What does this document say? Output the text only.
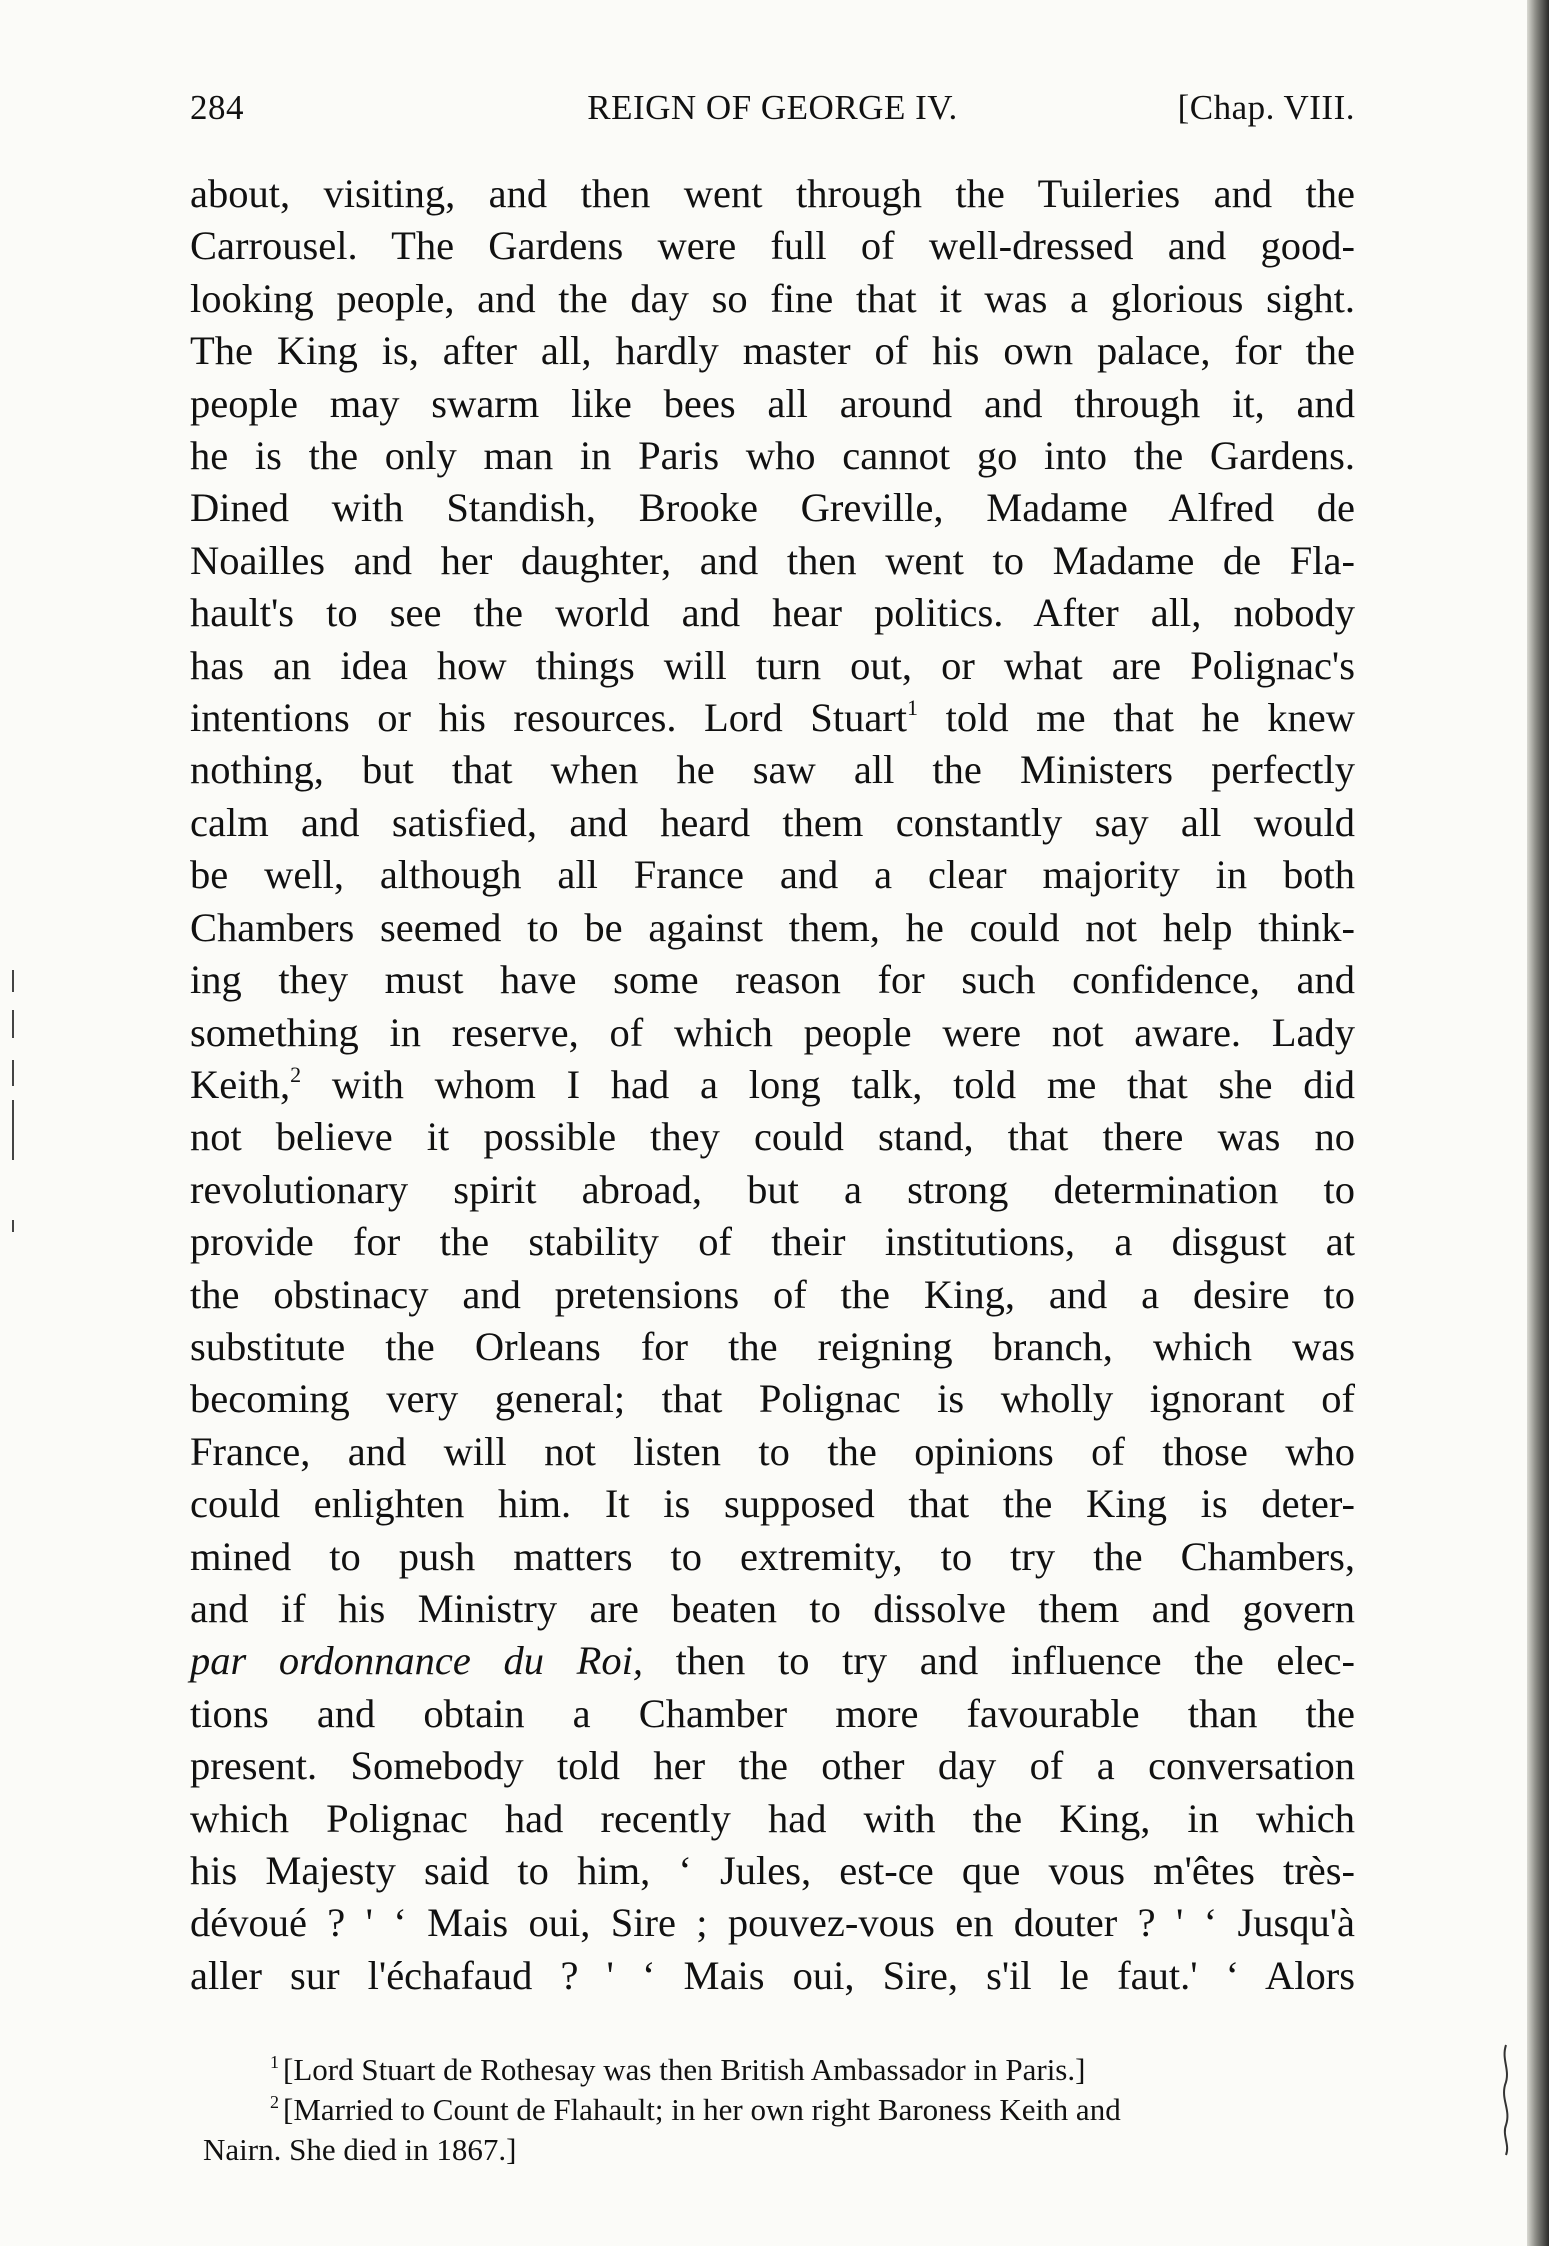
284	REIGN OF GEORGE IV.	[Chap. VIII.
about, visiting, and then went through the Tuileries and the
Carrousel. The Gardens were full of well-dressed and good-
looking people, and the day so fine that it was a glorious sight.
The King is, after all, hardly master of his own palace, for the
people may swarm like bees all around and through it, and
he is the only man in Paris who cannot go into the Gardens.
Dined with Standish, Brooke Greville, Madame Alfred de
Noailles and her daughter, and then went to Madame de Fla-
hault's to see the world and hear politics. After all, nobody
has an idea how things will turn out, or what are Polignac's
intentions or his resources. Lord Stuart$^1$ told me that he knew
nothing, but that when he saw all the Ministers perfectly
calm and satisfied, and heard them constantly say all would
be well, although all France and a clear majority in both
Chambers seemed to be against them, he could not help think-
ing they must have some reason for such confidence, and
something in reserve, of which people were not aware. Lady
Keith,$^2$ with whom I had a long talk, told me that she did
not believe it possible they could stand, that there was no
revolutionary spirit abroad, but a strong determination to
provide for the stability of their institutions, a disgust at
the obstinacy and pretensions of the King, and a desire to
substitute the Orleans for the reigning branch, which was
becoming very general; that Polignac is wholly ignorant of
France, and will not listen to the opinions of those who
could enlighten him. It is supposed that the King is deter-
mined to push matters to extremity, to try the Chambers,
and if his Ministry are beaten to dissolve them and govern
par ordonnance du Roi, then to try and influence the elec-
tions and obtain a Chamber more favourable than the
present. Somebody told her the other day of a conversation
which Polignac had recently had with the King, in which
his Majesty said to him, ‘ Jules, est-ce que vous m'êtes très-
dévoué ? ' ‘ Mais oui, Sire ; pouvez-vous en douter ? ' ‘ Jusqu'à
aller sur l'échafaud ? ' ‘ Mais oui, Sire, s'il le faut.' ‘ Alors
$^1$ [Lord Stuart de Rothesay was then British Ambassador in Paris.]
$^2$ [Married to Count de Flahault; in her own right Baroness Keith and
Nairn. She died in 1867.]
